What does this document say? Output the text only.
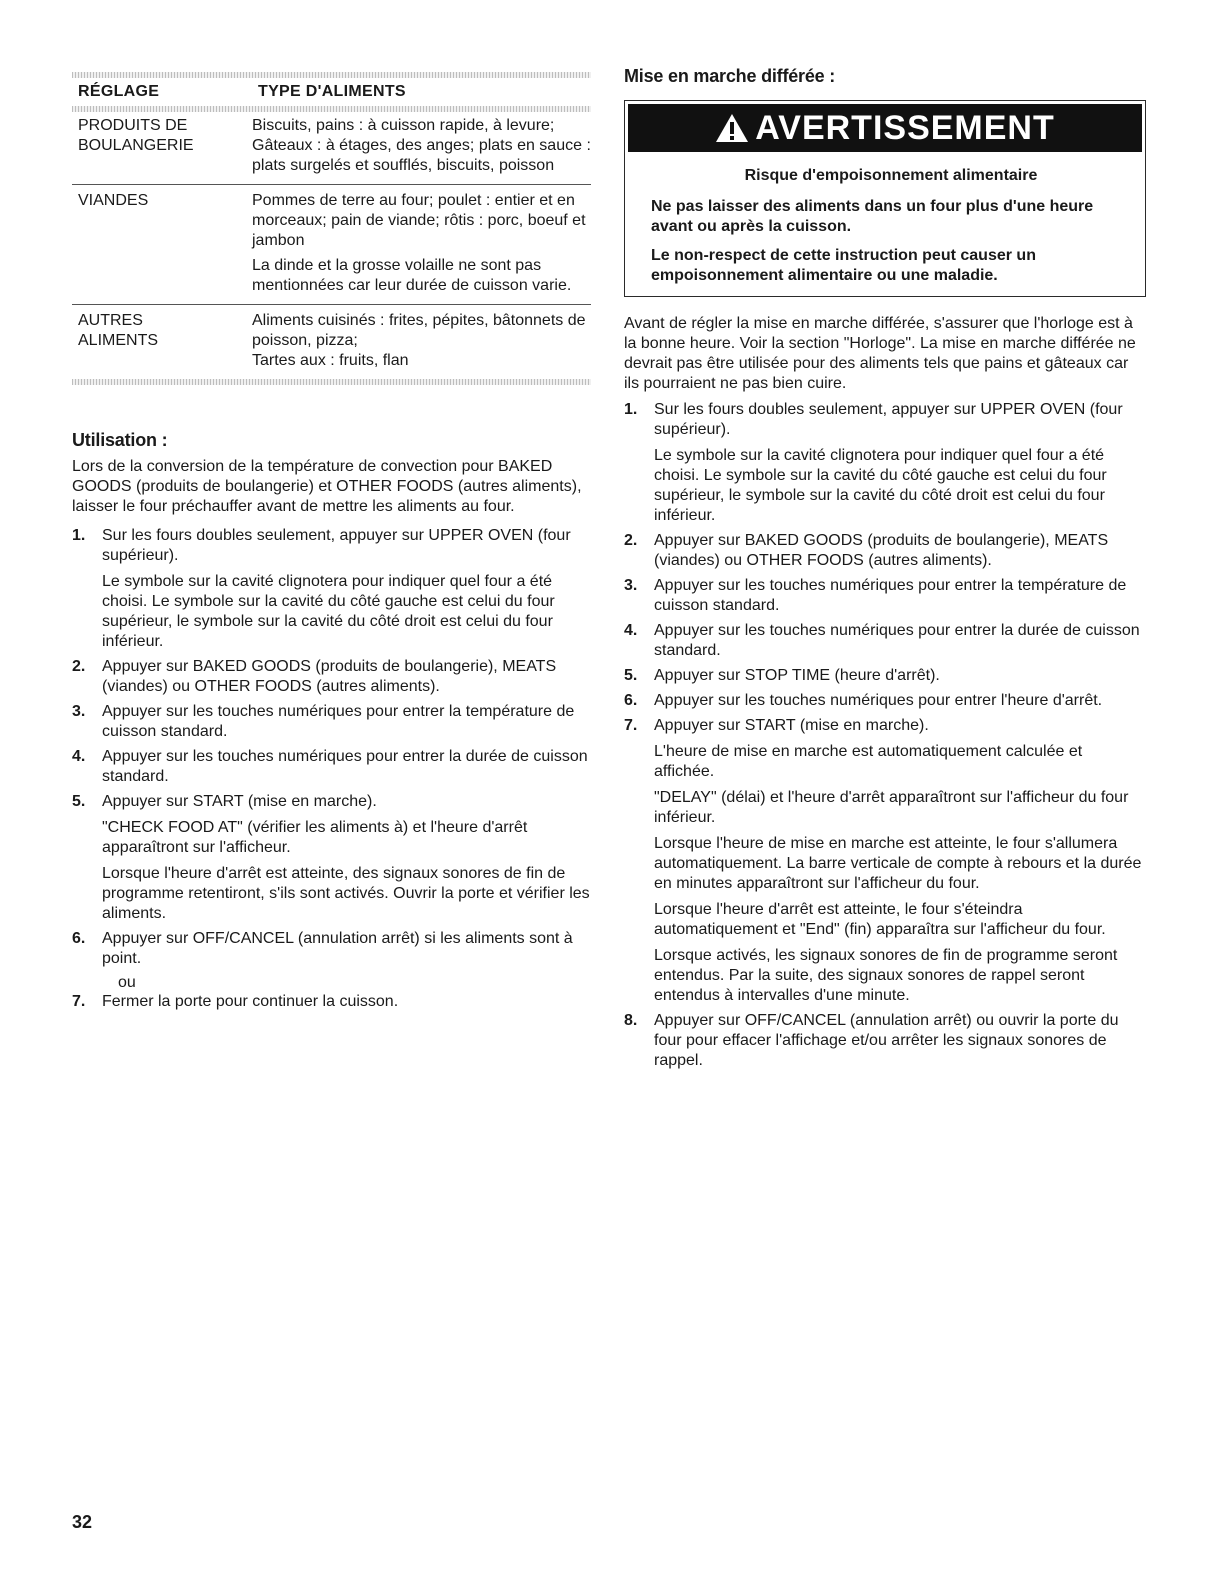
RÉGLAGE	TYPE D'ALIMENTS

PRODUITS DE

BOULANGERIE

Biscuits, pains : à cuisson rapide, à levure; Gâteaux : à étages, des anges; plats en sauce : plats surgelés et soufflés, biscuits, poisson

VIANDES	Pommes de terre au four; poulet : entier et en morceaux; pain de viande; rôtis : porc, boeuf et jambon

La dinde et la grosse volaille ne sont pas mentionnées car leur durée de cuisson varie.

AUTRES

ALIMENTS

Aliments cuisinés : frites, pépites, bâtonnets de poisson, pizza;

Tartes aux : fruits, flan

Utilisation :

Lors de la conversion de la température de convection pour BAKED GOODS (produits de boulangerie) et OTHER FOODS (autres aliments), laisser le four préchauffer avant de mettre les aliments au four.

1. Sur les fours doubles seulement, appuyer sur UPPER OVEN (four supérieur).

Le symbole sur la cavité clignotera pour indiquer quel four a été choisi. Le symbole sur la cavité du côté gauche est celui du four supérieur, le symbole sur la cavité du côté droit est celui du four inférieur.

2. Appuyer sur BAKED GOODS (produits de boulangerie), MEATS (viandes) ou OTHER FOODS (autres aliments).
3. Appuyer sur les touches numériques pour entrer la température de cuisson standard.
4. Appuyer sur les touches numériques pour entrer la durée de cuisson standard.
5. Appuyer sur START (mise en marche).

"CHECK FOOD AT" (vérifier les aliments à) et l'heure d'arrêt apparaîtront sur l'afficheur.

Lorsque l'heure d'arrêt est atteinte, des signaux sonores de fin de programme retentiront, s'ils sont activés. Ouvrir la porte et vérifier les aliments.

6. Appuyer sur OFF/CANCEL (annulation arrêt) si les aliments sont à point.

ou

7. Fermer la porte pour continuer la cuisson.
Mise en marche différée :
AVERTISSEMENT

Risque d'empoisonnement alimentaire

Ne pas laisser des aliments dans un four plus d'une heure avant ou après la cuisson.

Le non-respect de cette instruction peut causer un empoisonnement alimentaire ou une maladie.

Avant de régler la mise en marche différée, s'assurer que l'horloge est à la bonne heure. Voir la section "Horloge". La mise en marche différée ne devrait pas être utilisée pour des aliments tels que pains et gâteaux car ils pourraient ne pas bien cuire.

1. Sur les fours doubles seulement, appuyer sur UPPER OVEN (four supérieur).

Le symbole sur la cavité clignotera pour indiquer quel four a été choisi. Le symbole sur la cavité du côté gauche est celui du four supérieur, le symbole sur la cavité du côté droit est celui du four inférieur.

2. Appuyer sur BAKED GOODS (produits de boulangerie), MEATS (viandes) ou OTHER FOODS (autres aliments).
3. Appuyer sur les touches numériques pour entrer la température de cuisson standard.
4. Appuyer sur les touches numériques pour entrer la durée de cuisson standard.
5. Appuyer sur STOP TIME (heure d'arrêt).
6. Appuyer sur les touches numériques pour entrer l'heure d'arrêt.
7. Appuyer sur START (mise en marche).

L'heure de mise en marche est automatiquement calculée et affichée.

"DELAY" (délai) et l'heure d'arrêt apparaîtront sur l'afficheur du four inférieur.

Lorsque l'heure de mise en marche est atteinte, le four s'allumera automatiquement. La barre verticale de compte à rebours et la durée en minutes apparaîtront sur l'afficheur du four.

Lorsque l'heure d'arrêt est atteinte, le four s'éteindra automatiquement et "End" (fin) apparaîtra sur l'afficheur du four.

Lorsque activés, les signaux sonores de fin de programme seront entendus. Par la suite, des signaux sonores de rappel seront entendus à intervalles d'une minute.

8. Appuyer sur OFF/CANCEL (annulation arrêt) ou ouvrir la porte du four pour effacer l'affichage et/ou arrêter les signaux sonores de rappel.
32
